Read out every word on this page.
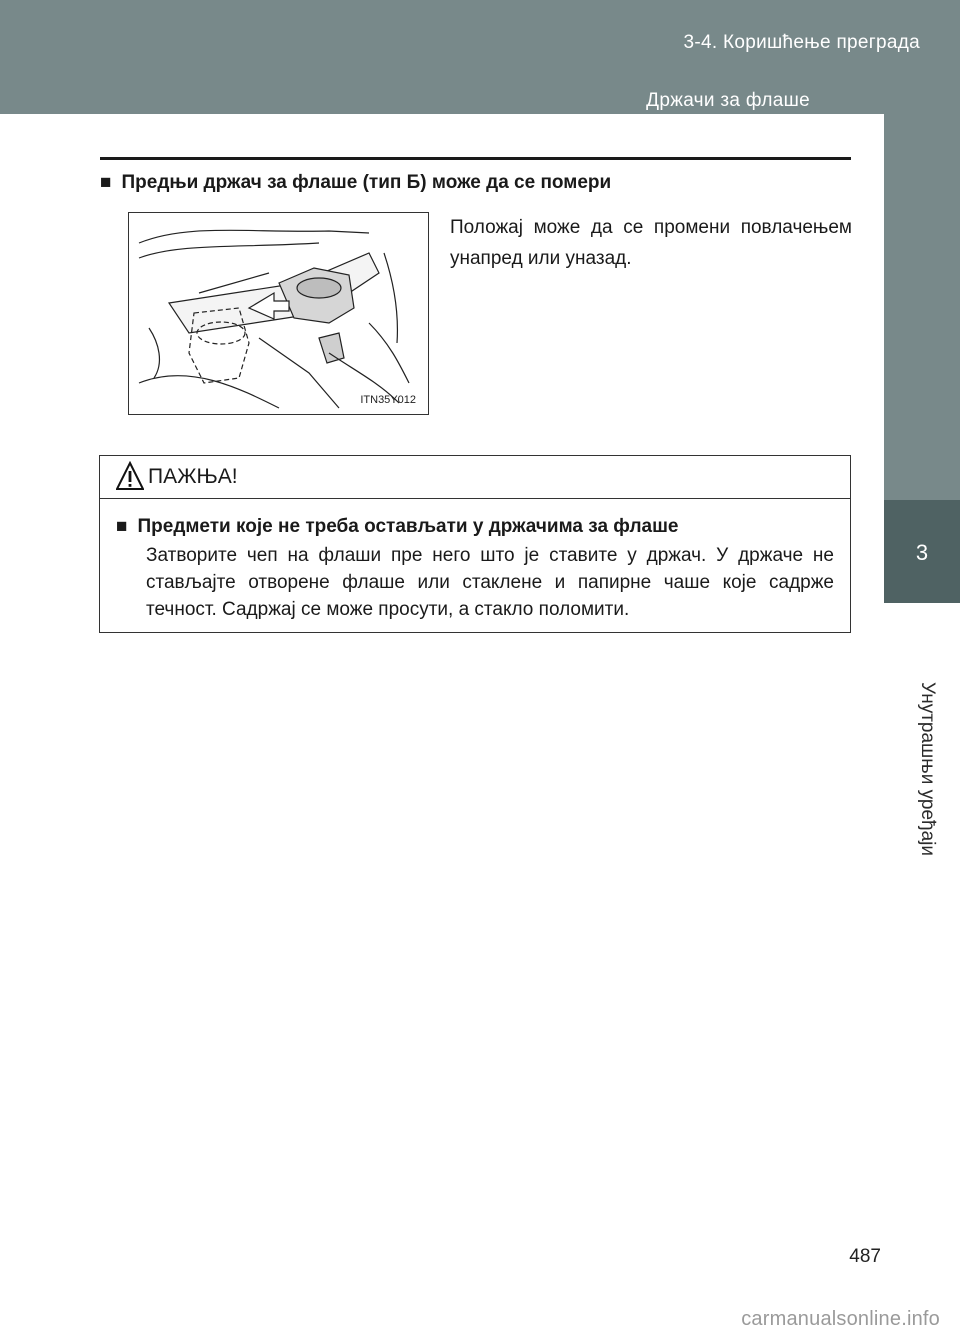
3-4. Коришћење преграда
Држачи за флаше
3
Унутрашњи уређаји
■ Предњи држач за флаше (тип Б) може да се помери
ITN35Y012
Положај може да се промени повлачењем унапред или уназад.
ПАЖЊА!
■ Предмети које не треба остављати у држачима за флаше
Затворите чеп на флаши пре него што је ставите у држач. У држаче не стављајте отворене флаше или стаклене и папирне чаше које садрже течност. Садржај се може просути, а стакло поломити.
487
carmanualsonline.info
